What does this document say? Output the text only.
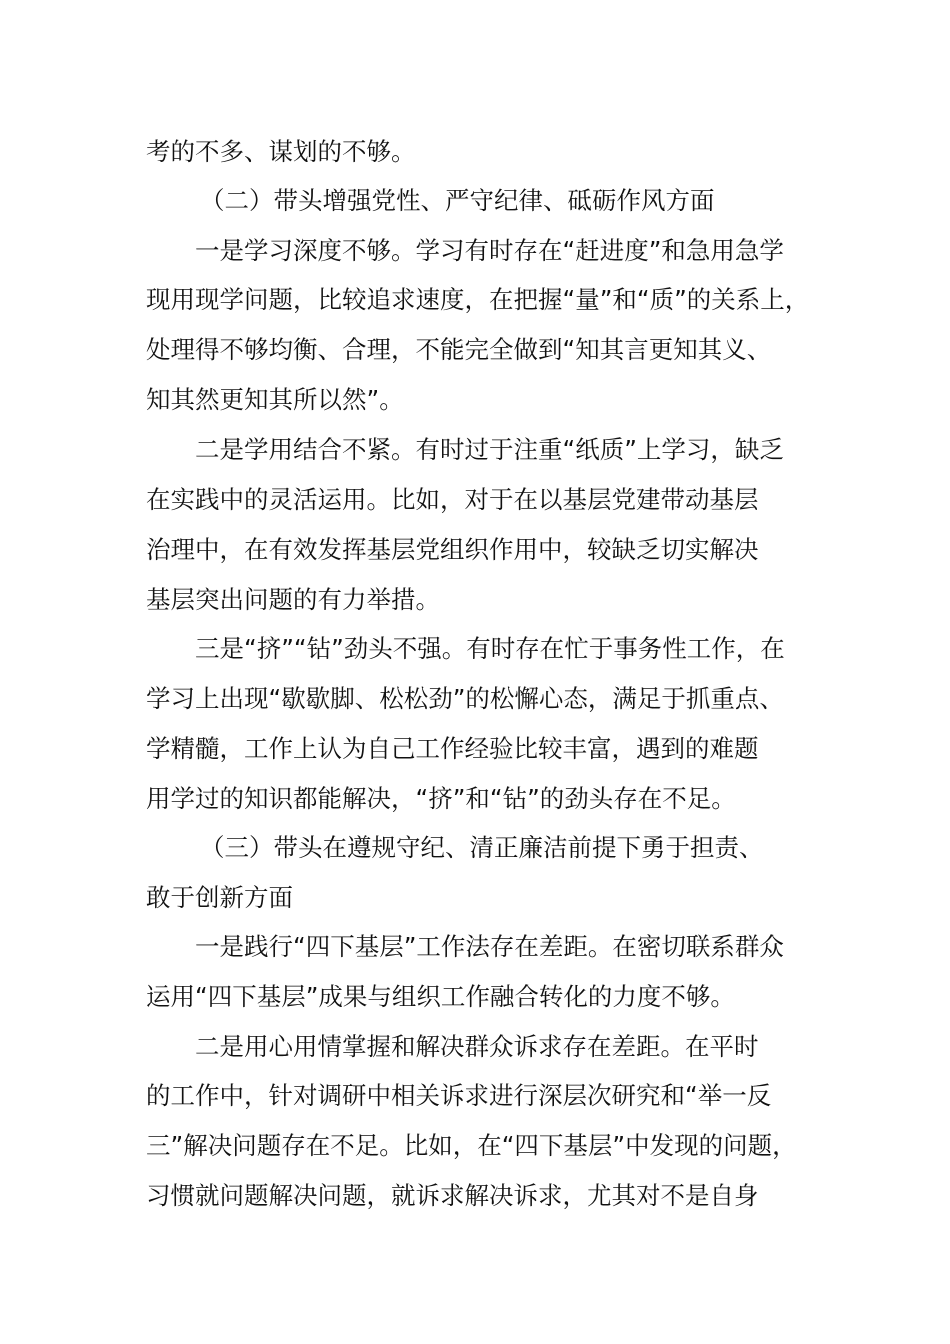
考的不多、谋划的不够。
（二）带头增强党性、严守纪律、砥砺作风方面
一是学习深度不够。学习有时存在“赶进度”和急用急学
现用现学问题，比较追求速度，在把握“量”和“质”的关系上，
处理得不够均衡、合理，不能完全做到“知其言更知其义、
知其然更知其所以然”。
二是学用结合不紧。有时过于注重“纸质”上学习，缺乏
在实践中的灵活运用。比如，对于在以基层党建带动基层
治理中，在有效发挥基层党组织作用中，较缺乏切实解决
基层突出问题的有力举措。
三是“挤”“钻”劲头不强。有时存在忙于事务性工作，在
学习上出现“歇歇脚、松松劲”的松懈心态，满足于抓重点、
学精髓，工作上认为自己工作经验比较丰富，遇到的难题
用学过的知识都能解决，“挤”和“钻”的劲头存在不足。
（三）带头在遵规守纪、清正廉洁前提下勇于担责、
敢于创新方面
一是践行“四下基层”工作法存在差距。在密切联系群众
运用“四下基层”成果与组织工作融合转化的力度不够。
二是用心用情掌握和解决群众诉求存在差距。在平时
的工作中，针对调研中相关诉求进行深层次研究和“举一反
三”解决问题存在不足。比如，在“四下基层”中发现的问题，
习惯就问题解决问题，就诉求解决诉求，尤其对不是自身
